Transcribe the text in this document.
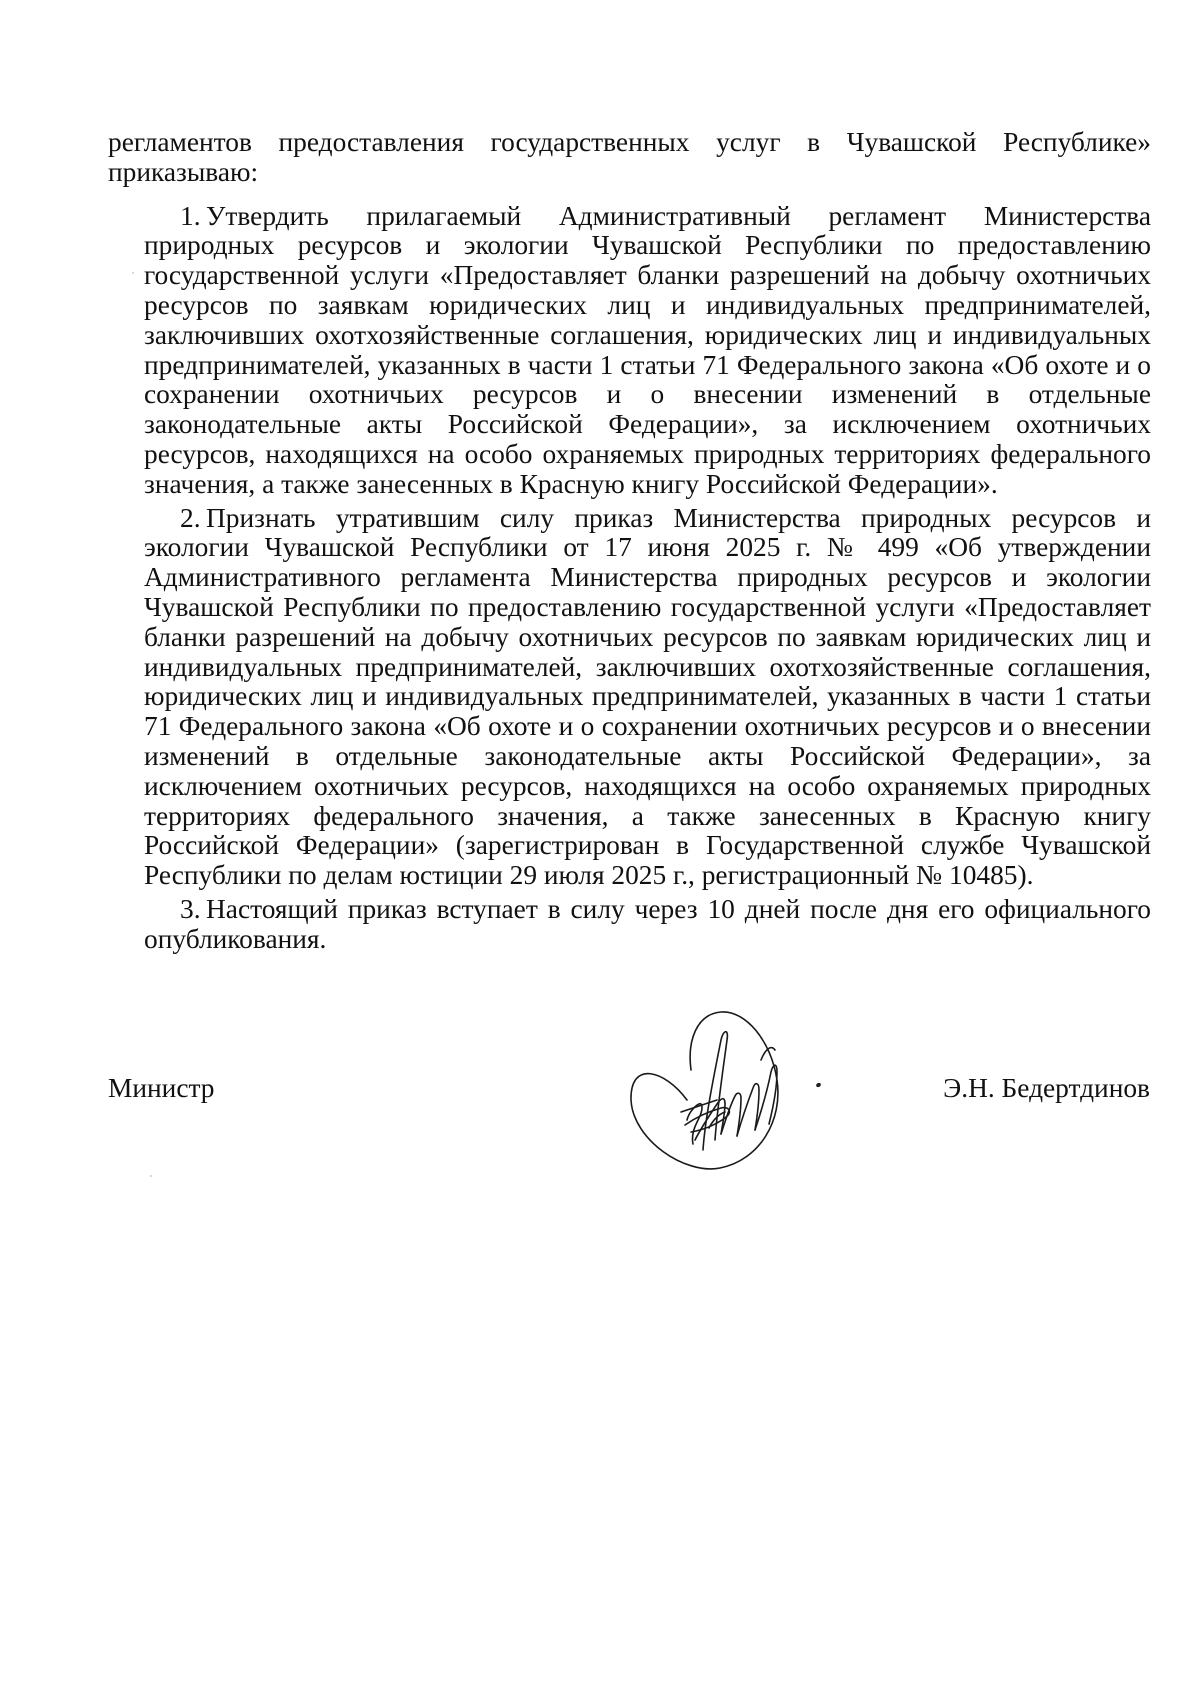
регламентов предоставления государственных услуг в Чувашской Республике» приказываю:

1.  Утвердить прилагаемый Административный регламент Министерства природных ресурсов и экологии Чувашской Республики по предоставлению государственной услуги «Предоставляет бланки разрешений на добычу охотничьих ресурсов по заявкам юридических лиц и индивидуальных предпринимателей, заключивших охотхозяйственные соглашения, юридических лиц и индивидуальных предпринимателей, указанных в части 1 статьи 71 Федерального закона «Об охоте и о сохранении охотничьих ресурсов и о внесении изменений в отдельные законодательные акты Российской Федерации», за исключением охотничьих ресурсов, находящихся на особо охраняемых природных территориях федерального значения, а также занесенных в Красную книгу Российской Федерации».

2.  Признать утратившим силу приказ Министерства природных ресурсов и экологии Чувашской Республики от 17 июня 2025 г. № 499 «Об утверждении Административного регламента Министерства природных ресурсов и экологии Чувашской Республики по предоставлению государственной услуги «Предоставляет бланки разрешений на добычу охотничьих ресурсов по заявкам юридических лиц и индивидуальных предпринимателей, заключивших охотхозяйственные соглашения, юридических лиц и индивидуальных предпринимателей, указанных в части 1 статьи 71 Федерального закона «Об охоте и о сохранении охотничьих ресурсов и о внесении изменений в отдельные законодательные акты Российской Федерации», за исключением охотничьих ресурсов, находящихся на особо охраняемых природных территориях федерального значения, а также занесенных в Красную книгу Российской Федерации» (зарегистрирован в Государственной службе Чувашской Республики по делам юстиции 29 июля 2025 г., регистрационный № 10485).

3.  Настоящий приказ вступает в силу через 10 дней после дня его официального опубликования.

Министр	Э.Н. Бедертдинов
